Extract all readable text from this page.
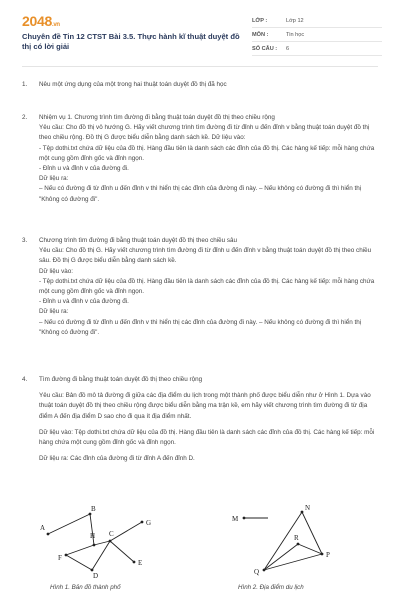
2048.vn
Chuyên đề Tin 12 CTST Bài 3.5. Thực hành kĩ thuật duyệt đồ thị có lời giải
LỚP :	Lớp 12
MÔN :	Tin học
SỐ CÂU :	6
1. Nêu một ứng dụng của một trong hai thuật toán duyệt đồ thị đã học
2. Nhiệm vụ 1. Chương trình tìm đường đi bằng thuật toán duyệt đồ thị theo chiều rộng
Yêu cầu: Cho đồ thị vô hướng G. Hãy viết chương trình tìm đường đi từ đỉnh u đến đỉnh v bằng thuật toán duyệt đồ thị theo chiều rộng. Đồ thị G được biểu diễn bằng danh sách kề. Dữ liệu vào:
- Tệp dothi.txt chứa dữ liệu của đồ thị. Hàng đầu tiên là danh sách các đỉnh của đồ thị. Các hàng kế tiếp: mỗi hàng chứa một cung gồm đỉnh gốc và đỉnh ngọn.
- Đỉnh u và đỉnh v của đường đi.
Dữ liệu ra:
– Nếu có đường đi từ đỉnh u đến đỉnh v thì hiển thị các đỉnh của đường đi này. – Nếu không có đường đi thì hiển thị "Không có đường đi".
3. Chương trình tìm đường đi bằng thuật toán duyệt đồ thị theo chiều sâu
Yêu cầu: Cho đồ thị G. Hãy viết chương trình tìm đường đi từ đỉnh u đến đỉnh v bằng thuật toán duyệt đồ thị theo chiều sâu. Đồ thị G được biểu diễn bằng danh sách kề.
Dữ liệu vào:
- Tệp dothi.txt chứa dữ liệu của đồ thị. Hàng đầu tiên là danh sách các đỉnh của đồ thị. Các hàng kế tiếp: mỗi hàng chứa một cung gồm đỉnh gốc và đỉnh ngọn.
- Đỉnh u và đỉnh v của đường đi.
Dữ liệu ra:
– Nếu có đường đi từ đỉnh u đến đỉnh v thì hiển thị các đỉnh của đường đi này. – Nếu không có đường đi thì hiển thị "Không có đường đi".
4. Tìm đường đi bằng thuật toán duyệt đồ thị theo chiều rộng
Yêu cầu: Bản đồ mô tả đường đi giữa các địa điểm du lịch trong một thành phố được biểu diễn như ở Hình 1. Dựa vào thuật toán duyệt đồ thị theo chiều rộng được biểu diễn bằng ma trận kề, em hãy viết chương trình tìm đường đi từ địa điểm A đến địa điểm D sao cho đi qua ít địa điểm nhất.
Dữ liệu vào: Tệp dothi.txt chứa dữ liệu của đồ thị. Hàng đầu tiên là danh sách các đỉnh của đồ thị. Các hàng kế tiếp: mỗi hàng chứa một cung gồm đỉnh gốc và đỉnh ngọn.
Dữ liệu ra: Các đỉnh của đường đi từ đỉnh A đến đỉnh D.
A
B
H C
G
F
E
D
Hình 1. Bản đồ thành phố
M
N
R
P
Q
Hình 2. Địa điểm du lịch
